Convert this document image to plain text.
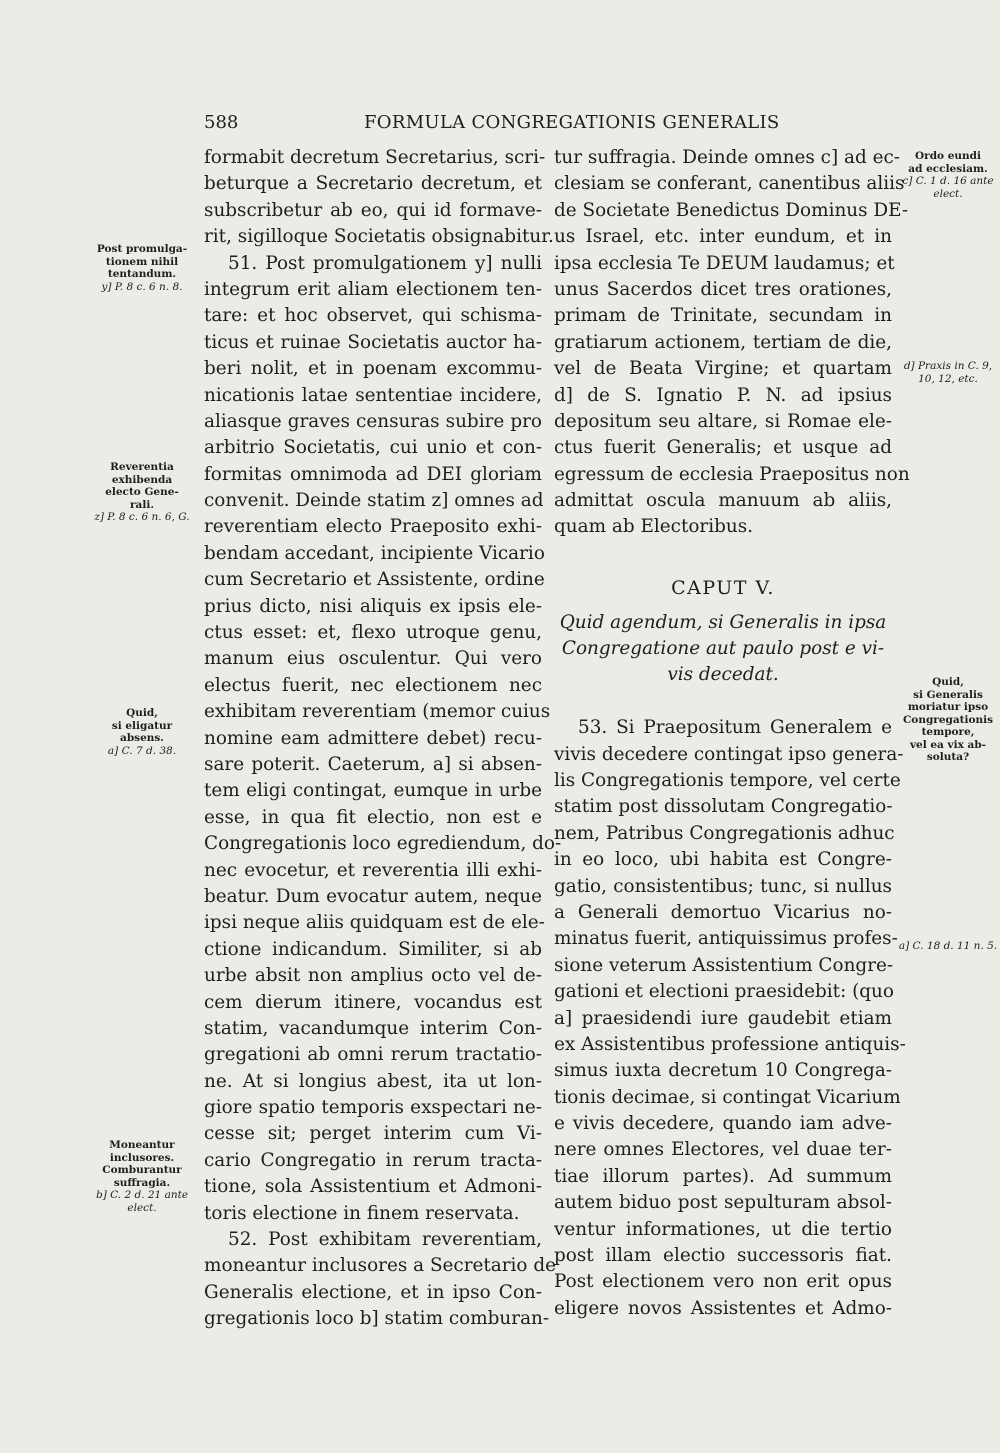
588	FORMULA CONGREGATIONIS GENERALIS
formabit decretum Secretarius, scri-
beturque a Secretario decretum, et
subscribetur ab eo, qui id formave-
rit, sigilloque Societatis obsignabitur.
51. Post promulgationem y] nulli
integrum erit aliam electionem ten-
tare: et hoc observet, qui schisma-
ticus et ruinae Societatis auctor ha-
beri nolit, et in poenam excommu-
nicationis latae sententiae incidere,
aliasque graves censuras subire pro
arbitrio Societatis, cui unio et con-
formitas omnimoda ad DEI gloriam
convenit. Deinde statim z] omnes ad
reverentiam electo Praeposito exhi-
bendam accedant, incipiente Vicario
cum Secretario et Assistente, ordine
prius dicto, nisi aliquis ex ipsis ele-
ctus esset: et, flexo utroque genu,
manum eius osculentur. Qui vero
electus fuerit, nec electionem nec
exhibitam reverentiam (memor cuius
nomine eam admittere debet) recu-
sare poterit. Caeterum, a] si absen-
tem eligi contingat, eumque in urbe
esse, in qua fit electio, non est e
Congregationis loco egrediendum, do-
nec evocetur, et reverentia illi exhi-
beatur. Dum evocatur autem, neque
ipsi neque aliis quidquam est de ele-
ctione indicandum. Similiter, si ab
urbe absit non amplius octo vel de-
cem dierum itinere, vocandus est
statim, vacandumque interim Con-
gregationi ab omni rerum tractatio-
ne. At si longius abest, ita ut lon-
giore spatio temporis exspectari ne-
cesse sit; perget interim cum Vi-
cario Congregatio in rerum tracta-
tione, sola Assistentium et Admoni-
toris electione in finem reservata.
52. Post exhibitam reverentiam,
moneantur inclusores a Secretario de
Generalis electione, et in ipso Con-
gregationis loco b] statim comburan-
tur suffragia. Deinde omnes c] ad ec-
clesiam se conferant, canentibus aliis
de Societate Benedictus Dominus DE-
us Israel, etc. inter eundum, et in
ipsa ecclesia Te DEUM laudamus; et
unus Sacerdos dicet tres orationes,
primam de Trinitate, secundam in
gratiarum actionem, tertiam de die,
vel de Beata Virgine; et quartam
d] de S. Ignatio P. N. ad ipsius
depositum seu altare, si Romae ele-
ctus fuerit Generalis; et usque ad
egressum de ecclesia Praepositus non
admittat oscula manuum ab aliis,
quam ab Electoribus.
CAPUT V.
Quid agendum, si Generalis in ipsa
Congregatione aut paulo post e vi-
vis decedat.
53. Si Praepositum Generalem e
vivis decedere contingat ipso genera-
lis Congregationis tempore, vel certe
statim post dissolutam Congregatio-
nem, Patribus Congregationis adhuc
in eo loco, ubi habita est Congre-
gatio, consistentibus; tunc, si nullus
a Generali demortuo Vicarius no-
minatus fuerit, antiquissimus profes-
sione veterum Assistentium Congre-
gationi et electioni praesidebit: (quo
a] praesidendi iure gaudebit etiam
ex Assistentibus professione antiquis-
simus iuxta decretum 10 Congrega-
tionis decimae, si contingat Vicarium
e vivis decedere, quando iam adve-
nere omnes Electores, vel duae ter-
tiae illorum partes). Ad summum
autem biduo post sepulturam absol-
ventur informationes, ut die tertio
post illam electio successoris fiat.
Post electionem vero non erit opus
eligere novos Assistentes et Admo-
Post promulga-
tionem nihil
tentandum.
y] P. 8 c. 6 n. 8.
Reverentia
exhibenda
electo Gene-
rali.
z] P. 8 c. 6 n. 6, G.
Quid,
si eligatur
absens.
a] C. 7 d. 38.
Moneantur
inclusores.
Comburantur
suffragia.
b] C. 2 d. 21 ante elect.
Ordo eundi
ad ecclesiam.
c] C. 1 d. 16 ante elect.
d] Praxis in C. 9, 10, 12, etc.
Quid,
si Generalis
moriatur ipso
Congregationis
tempore,
vel ea vix ab-
soluta?
a] C. 18 d. 11 n. 5.
